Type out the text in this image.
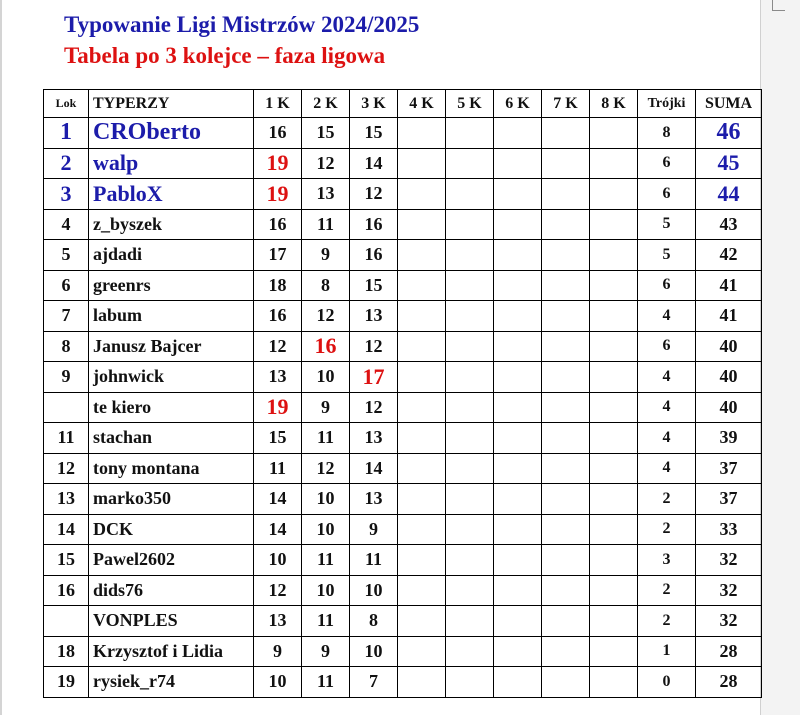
Typowanie Ligi Mistrzów 2024/2025
Tabela po 3 kolejce – faza ligowa
Lok	TYPERZY	1 K	2 K	3 K	4 K	5 K	6 K	7 K	8 K	Trójki	SUMA
1	CROberto	16	15	15						8	46
2	walp	19	12	14						6	45
3	PabloX	19	13	12						6	44
4	z_byszek	16	11	16						5	43
5	ajdadi	17	9	16						5	42
6	greenrs	18	8	15						6	41
7	labum	16	12	13						4	41
8	Janusz Bajcer	12	16	12						6	40
9	johnwick	13	10	17						4	40
	te kiero	19	9	12						4	40
11	stachan	15	11	13						4	39
12	tony montana	11	12	14						4	37
13	marko350	14	10	13						2	37
14	DCK	14	10	9						2	33
15	Pawel2602	10	11	11						3	32
16	dids76	12	10	10						2	32
	VONPLES	13	11	8						2	32
18	Krzysztof i Lidia	9	9	10						1	28
19	rysiek_r74	10	11	7						0	28
